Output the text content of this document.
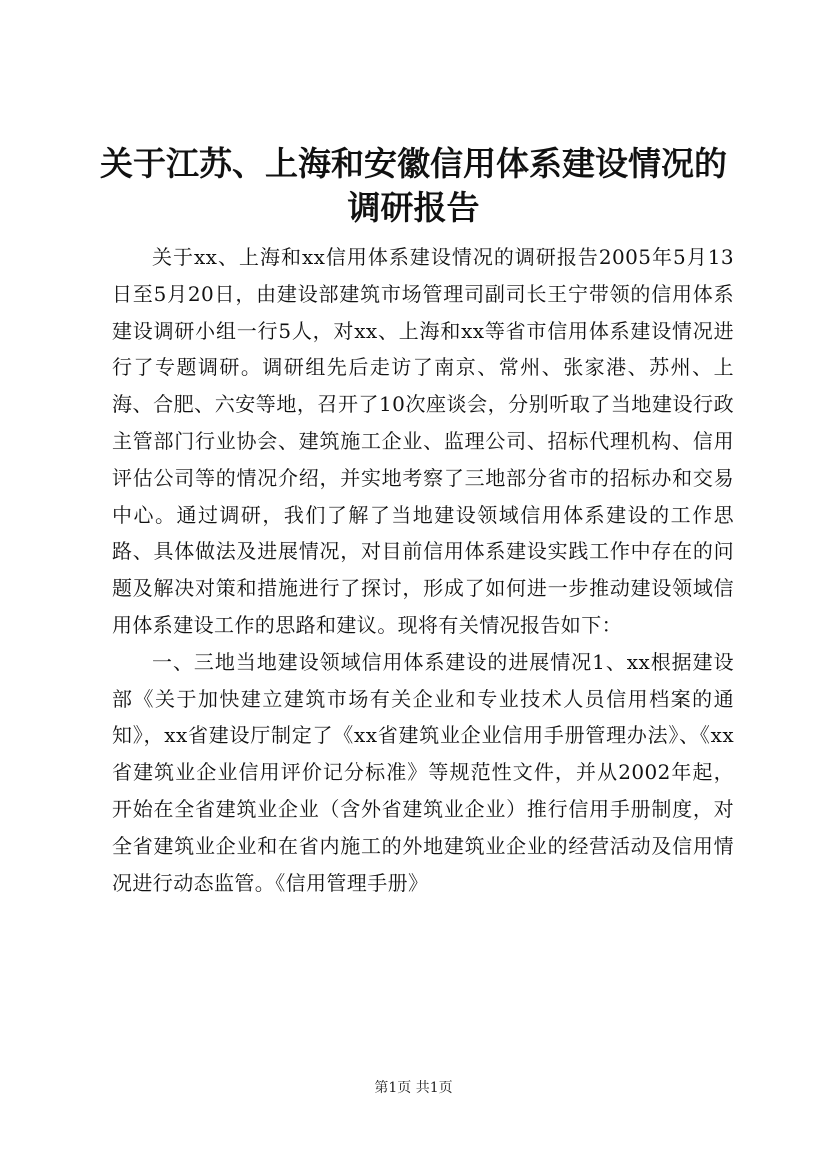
关于江苏、上海和安徽信用体系建设情况的调研报告

关于xx、上海和xx信用体系建设情况的调研报告2005年5月13日至5月20日，由建设部建筑市场管理司副司长王宁带领的信用体系建设调研小组一行5人，对xx、上海和xx等省市信用体系建设情况进行了专题调研。调研组先后走访了南京、常州、张家港、苏州、上海、合肥、六安等地，召开了10次座谈会，分别听取了当地建设行政主管部门行业协会、建筑施工企业、监理公司、招标代理机构、信用评估公司等的情况介绍，并实地考察了三地部分省市的招标办和交易中心。通过调研，我们了解了当地建设领域信用体系建设的工作思路、具体做法及进展情况，对目前信用体系建设实践工作中存在的问题及解决对策和措施进行了探讨，形成了如何进一步推动建设领域信用体系建设工作的思路和建议。现将有关情况报告如下：

一、三地当地建设领域信用体系建设的进展情况1、xx根据建设部《关于加快建立建筑市场有关企业和专业技术人员信用档案的通知》，xx省建设厅制定了《xx省建筑业企业信用手册管理办法》、《xx省建筑业企业信用评价记分标准》等规范性文件，并从2002年起，开始在全省建筑业企业（含外省建筑业企业）推行信用手册制度，对全省建筑业企业和在省内施工的外地建筑业企业的经营活动及信用情况进行动态监管。《信用管理手册》

第1页 共1页
